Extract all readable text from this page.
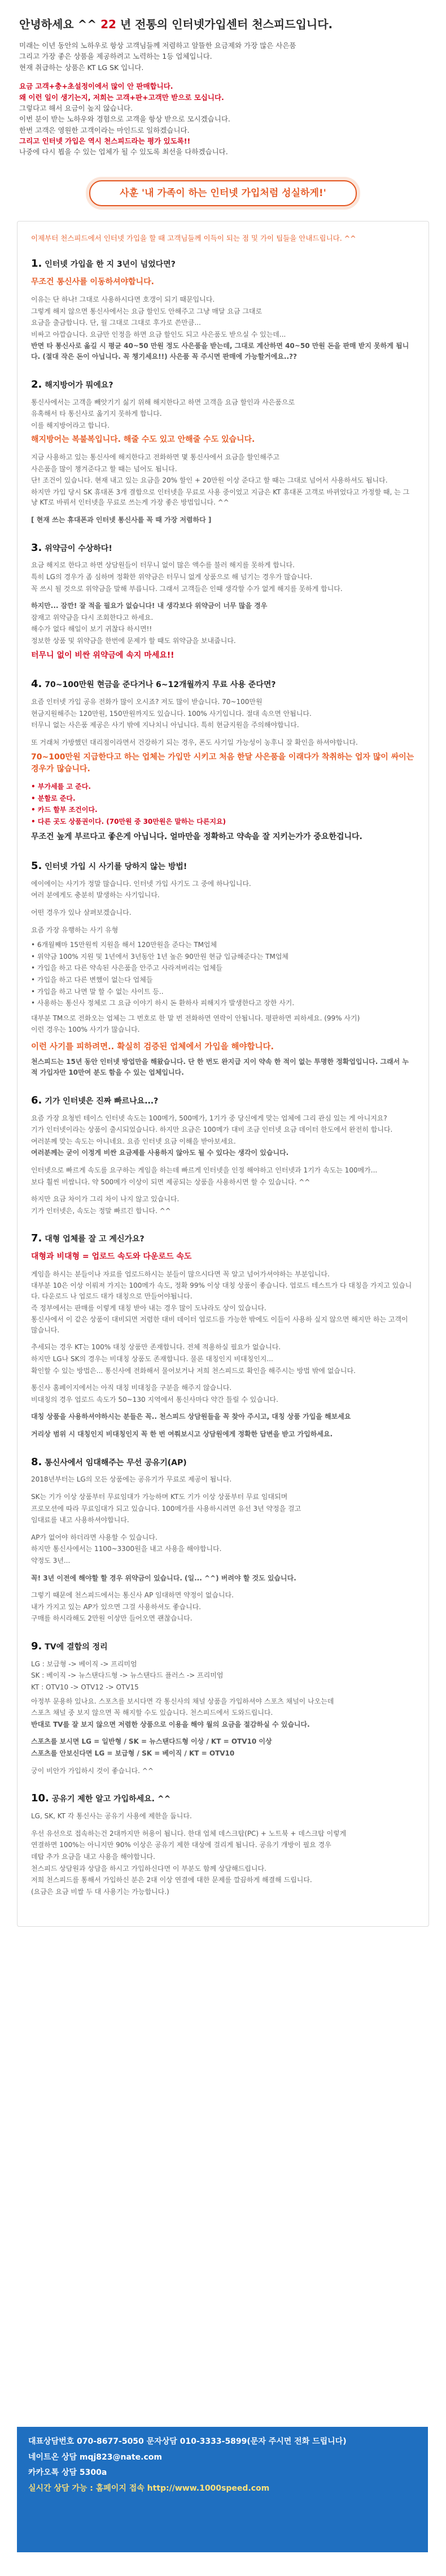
안녕하세요 ^^ 22 년 전통의 인터넷가입센터 천스피드입니다.

미래는 이년 동안의 노하우로 항상 고객님들께 저렴하고 알뜰한 요금제와 가장 많은 사은품

그리고 가장 좋은 상품을 제공하려고 노력하는 1등 업체입니다.

현재 취급하는 상품은 KT LG SK 입니다.

요금 고객+충+초설정이에서 많이 안 판매합니다.

왜 이런 일이 생기는지, 저희는 고객+판+고객만 받으로 모십니다.

그렇다고 해서 요금이 높지 않습니다.

이번 분이 받는 노하우와 경험으로 고객을 항상 받으로 모시겠습니다.

한번 고객은 영원한 고객이라는 마인드로 일하겠습니다.

그리고 인터넷 가입은 역시 천스피드라는 평가 있도록!!

나중에 다시 뵙을 수 있는 업체가 될 수 있도록 최선을 다하겠습니다.

사훈 '내 가족이 하는 인터넷 가입처럼 성실하게!'
이제부터 천스피드에서 인터넷 가입을 할 때 고객님들께 이득이 되는 점 및 가이 팁들을 안내드립니다. ^^
1. 인터넷 가입을 한 지 3년이 넘었다면?
무조건 통신사를 이동하셔야합니다.

이유는 단 하나! 그대로 사용하시다면 호갱이 되기 때문입니다.

그렇게 해지 않으면 통신사에서는 요금 할인도 안해주고 그냥 매달 요금 그대로

요금을 출금합니다. 단, 월 그대로 그대로 후가로 쓴만큼...

비싸고 아깝습니다. 요금만 인정을 하면 요금 할인도 되고 사은품도 받으실 수 있는데...

반면 타 통신사로 옮길 시 평균 40~50 만원 정도 사은품을 받는데, 그대로 계산하면 40~50 만원 돈을 판매 받지 못하게 됩니다. (절대 작은 돈이 아닙니다. 꼭 챙기세요!!) 사은품 꼭 주시면 판매에 가능할거에요..??

2. 해지방어가 뭐에요?

통신사에서는 고객을 빼앗기기 싫기 위해 해지한다고 하면 고객을 요금 할인과 사은품으로

유혹해서 타 통신사로 옮기지 못하게 합니다.

이를 해지방어라고 합니다.

해지방어는 복불복입니다. 해줄 수도 있고 안해줄 수도 있습니다.

지금 사용하고 있는 통신사에 해지한다고 전화하면 몇 통신사에서 요금을 할인해주고

사은품을 많이 챙겨준다고 할 때는 넘어도 됩니다.

단! 조건이 있습니다. 현재 내고 있는 요금을 20% 할인 + 20만원 이상 준다고 할 때는 그대로 넘어서 사용하셔도 됩니다.

하지만 가입 당시 SK 휴대폰 3개 결합으로 인터넷을 무료로 사용 중이었고 지금은 KT 휴대폰 고객로 바뀌었다고 가정할 때, 는 그냥 KT로 바꿔서 인터넷을 무료로 쓰는게 가장 좋은 방법입니다. ^^

[ 현재 쓰는 휴대폰과 인터넷 통신사를 꼭 때 가장 저렴하다 ]

3. 위약금이 수상하다!

요금 해지로 한다고 하면 상담원들이 터무니 없이 많은 액수를 불러 해지를 못하게 합니다.

특히 LG의 경우가 좀 심하며 정확한 위약금은 터무니 없게 상품으로 해 넘기는 경우가 많습니다.

꼭 쓰시 될 것으로 위약금을 말해 부릅니다. 그래서 고객들은 인때 생각할 수가 없게 해지를 못하게 합니다.

하지만... 잠깐! 잘 적을 필요가 없습니다! 내 생각보다 위약금이 너무 많을 경우

잠재고 위약금을 다시 조회한다고 하세요.

해수가 없다 해일이 보기 귀찮다 하시면!!

정보한 상품 및 위약금을 한번에 문제가 할 때도 위약금을 보내줍니다.

터무니 없이 비싼 위약금에 속지 마세요!!
4. 70~100만원 현금을 준다거나 6~12개월까지 무료 사용 준다면?

요즘 인터넷 가입 공유 전화가 많이 오시죠? 저도 많이 받습니다. 70~100만원

현금지원해주는 120만원, 150만원까지도 있습니다. 100% 사기입니다. 절대 속으면 안됩니다.

터무니 없는 사은품 제공은 사기 밖에 지나치니 아닙니다. 특히 현금지원을 주의해야합니다.

또 거래처 가방했던 대리점이라면서 건강하기 되는 경우, 폰도 사기일 가능성이 농후니 잘 확인을 하셔야합니다.

70~100만원 지급한다고 하는 업체는 가입만 시키고 처음 한달 사은품을 이래다가 착취하는 업자 많이 싸이는 경우가 많습니다.
• 부가세를 고 준다.
• 분할로 준다.
• 카드 할부 조건이다.
• 다른 곳도 상품권이다. (70만원 중 30만원은 말하는 다른지요)
무조건 높게 부르다고 좋은게 아닙니다. 얼마만을 정확하고 약속을 잘 지키는가가 중요한겁니다.
5. 인터넷 가입 시 사기를 당하지 않는 방법!

에이에이는 사기가 정말 많습니다. 인터넷 가입 사기도 그 중에 하나입니다.

여러 분에게도 충분히 발생하는 사기입니다.

어떤 경우가 있나 살펴보겠습니다.

요즘 가장 유행하는 사기 유형

• 6개월째마 15만원씩 지원을 해서 120만원을 준다는 TM업체
• 위약금 100% 지원 및 1년에서 3년동안 1년 높은 90만원 현금 입금해준다는 TM업체
• 가입을 하고 다른 약속된 사은품을 안주고 사라져버리는 업체들
• 가입을 하고 다른 변했이 없는다 업체들
• 가입을 하고 나면 말 할 수 없는 사이트 등..
• 사용하는 통신사 정체로 그 요금 이야기 하시 돈 환하사 피해지가 발생한다고 장한 사기.

대부분 TM으로 전화오는 업체는 그 번호로 한 말 번 전화하면 연락이 안됩니다. 평판하면 피하세요. (99% 사기)

이런 경우는 100% 사기가 많습니다.

이런 사기를 피하려면.. 확실히 검증된 업체에서 가입을 해야합니다.

천스피드는 15년 동안 인터넷 방업만을 해왔습니다. 단 한 번도 완지급 지이 약속 한 적이 없는 투명한 정확업입니다. 그래서 누적 가입자만 10만여 분도 함을 수 있는 업체입니다.

6. 기가 인터넷은 진짜 빠르나요...?

요즘 가장 요청빈 테이스 인터넷 속도는 100메가, 500메가, 1기가 중 당신에게 맞는 업체에 그리 관심 있는 게 아니지요?

기가 인터넷이라는 상품이 출시되었습니다. 하지만 요금은 100메가 대비 조금 인터넷 요금 데이터 한도에서 완전히 합니다.

여러분께 맞는 속도는 아니네요. 요즘 인터넷 요금 이해을 받아보세요.

여러분께는 굳이 이정게 비싼 요금제를 사용하지 않아도 될 수 있다는 생각이 있습니다.

인터넷으로 빠르게 속도를 요구하는 게임을 하는데 빠르게 인터넷을 인정 해야하고 인터넷과 1기가 속도는 100메가...

보다 훨씬 비쌉니다. 약 500메가 이상이 되면 제공되는 상품을 사용하시면 할 수 있습니다. ^^

하지만 요금 차이가 그리 차이 나지 않고 있습니다.

기가 인터넷은, 속도는 정말 빠르긴 합니다. ^^

7. 대형 업체를 잘 고 계신가요?
대형과 비대형 = 업로드 속도와 다운로드 속도

게임을 하시는 분들이나 자료를 업로드하시는 분들이 많으시다면 꼭 알고 넘어가셔야하는 부분입니다.

대부분 10은 이상 이뤄져 가지는 100메가 속도, 정확 99% 이상 대칭 상품이 좋습니다. 업로드 테스트가 다 대칭을 가지고 있습니다. 다운로드 나 업로드 대가 대칭으로 만들어야됩니다.

즉 정부에서는 판매를 이렇게 대칭 받아 내는 경우 많이 도나라도 상이 있습니다.

통신사에서 이 같은 상품이 대비되면 저렴한 대비 데이터 업로드를 가능한 밖에도 이들이 사용하 싶지 않으면 해지만 하는 고객이 많습니다.

추세되는 경우 KT는 100% 대칭 상품만 존재합니다. 전체 적용하실 필요가 없습니다.

하지만 LG나 SK의 경우는 비대칭 상품도 존재합니다. 물론 대칭인지 비대칭인지...

확인할 수 있는 방법은... 통신사에 전화해서 물어보거나 저희 천스피드로 확인을 해주시는 방법 밖에 없습니다.

통신사 홈페이지에서는 아직 대칭 비대칭을 구분을 해주지 않습니다.

비대칭의 경우 업로드 속도가 50~130 지역에서 통신사마다 약간 틀릴 수 있습니다.

대칭 상품을 사용하셔야하시는 분들은 꼭.. 천스피드 상담원들을 꼭 찾아 주시고, 대칭 상품 가입을 해보세요

거리상 범위 시 대칭인지 비대칭인지 꼭 한 번 여쭤보시고 상담원에게 정확한 답변을 받고 가입하세요.

8. 통신사에서 임대해주는 무선 공유기(AP)

2018년부터는 LG의 모든 상품에는 공유기가 무료로 제공이 됩니다.

SK는 기가 이상 상품부터 무료임대가 가능하며 KT도 기가 이상 상품부터 무료 임대되며

프로모션에 따라 무료임대가 되고 있습니다. 100메가를 사용하시려면 유선 3년 약정을 걸고

임대료를 내고 사용하셔야합니다.

AP가 없어야 하더라면 사용할 수 있습니다.

하지만 통신사에서는 1100~3300원을 내고 사용을 해야합니다.

약정도 3년...

꼭! 3년 이전에 해야할 할 경우 위약금이 있습니다. (일... ^^) 버려야 할 것도 있습니다.

그렇기 때문에 천스피드에서는 통신사 AP 임대하면 약정이 없습니다.

내가 가지고 있는 AP가 있으면 그걸 사용하셔도 좋습니다.

구매를 하시라해도 2만원 이상만 들어오면 괜찮습니다.

9. TV에 결합의 정리
LG : 보급형 -> 베이직 -> 프리미엄
SK : 베이직 -> 뉴스탠다드형 -> 뉴스탠다드 플러스 -> 프리미엄
KT : OTV10 -> OTV12 -> OTV15

아정부 문용하 있나요. 스포츠를 보시다면 각 통신사의 채널 상품을 가입하셔야 스포츠 채널이 나오는데

스포츠 채널 중 보지 않으면 꼭 해지할 수도 있습니다. 천스피드에서 도와드립니다.

반대로 TV를 잘 보지 않으면 저렴한 상품으로 이용을 해야 월의 요금을 절감하실 수 있습니다.

스포츠를 보시면 LG = 일반형 / SK = 뉴스탠다드형 이상 / KT = OTV10 이상

스포츠를 안보신다면 LG = 보급형 / SK = 베이직 / KT = OTV10

궁이 비안가 가입하시 것이 좋습니다. ^^

10. 공유기 제한 알고 가입하세요. ^^

LG, SK, KT 각 통신사는 공유기 사용에 제한을 둡니다.

우선 유선으로 접속하는건 2대까지만 허용이 됩니다. 한대 업체 데스크탑(PC) + 노트북 + 데스크탑 이렇게

연결하면 100%는 아니지만 90% 이상은 공유기 제한 대상에 걸리게 됩니다. 공유기 개방이 필요 경우

데탑 추가 요금을 내고 사용을 해야합니다.

천스피드 상담원과 상담을 하시고 가입하신다면 이 부분도 함께 상담해드립니다.

저희 천스피드를 통해서 가입하신 분은 2대 이상 연결에 대한 문제를 깔끔하게 해결해 드립니다.

(요금은 요금 비쌀 두 대 사용기는 가능합니다.)

대표상담번호 070-8677-5050 문자상담 010-3333-5899(문자 주시면 전화 드립니다)
네이트온 상담 mqj823@nate.com
카카오톡 상담 5300a
실시간 상담 가능 : 홈페이지 접속 http://www.1000speed.com
